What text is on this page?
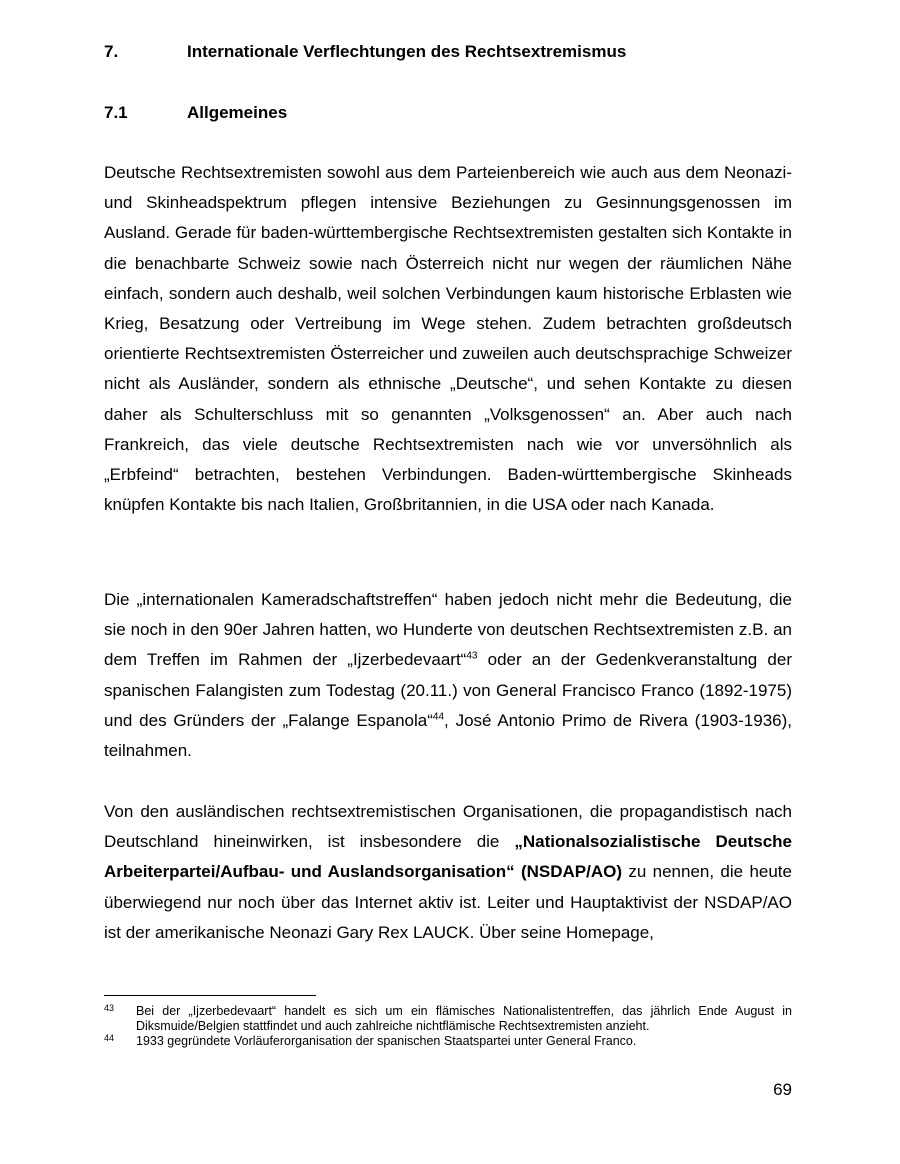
7.	Internationale Verflechtungen des Rechtsextremismus
7.1	Allgemeines

Deutsche Rechtsextremisten sowohl aus dem Parteienbereich wie auch aus dem Neonazi- und Skinheadspektrum pflegen intensive Beziehungen zu Gesinnungsgenossen im Ausland. Gerade für baden-württembergische Rechtsextremisten gestalten sich Kontakte in die benachbarte Schweiz sowie nach Österreich nicht nur wegen der räumlichen Nähe einfach, sondern auch deshalb, weil solchen Verbindungen kaum historische Erblasten wie Krieg, Besatzung oder Vertreibung im Wege stehen. Zudem betrachten großdeutsch orientierte Rechtsextremisten Österreicher und zuweilen auch deutschsprachige Schweizer nicht als Ausländer, sondern als ethnische „Deutsche“, und sehen Kontakte zu diesen daher als Schulterschluss mit so genannten „Volksgenossen“ an. Aber auch nach Frankreich, das viele deutsche Rechtsextremisten nach wie vor unversöhnlich als „Erbfeind“ betrachten, bestehen Verbindungen. Baden-württembergische Skinheads knüpfen Kontakte bis nach Italien, Großbritannien, in die USA oder nach Kanada.

Die „internationalen Kameradschaftstreffen“ haben jedoch nicht mehr die Bedeutung, die sie noch in den 90er Jahren hatten, wo Hunderte von deutschen Rechtsextremisten z.B. an dem Treffen im Rahmen der „Ijzerbedevaart“$^{43}$ oder an der Gedenkveranstaltung der spanischen Falangisten zum Todestag (20.11.) von General Francisco Franco (1892-1975) und des Gründers der „Falange Espanola“$^{44}$, José Antonio Primo de Rivera (1903-1936), teilnahmen.

Von den ausländischen rechtsextremistischen Organisationen, die propagandistisch nach Deutschland hineinwirken, ist insbesondere die „Nationalsozialistische Deutsche Arbeiterpartei/Aufbau- und Auslandsorganisation“ (NSDAP/AO) zu nennen, die heute überwiegend nur noch über das Internet aktiv ist. Leiter und Hauptaktivist der NSDAP/AO ist der amerikanische Neonazi Gary Rex LAUCK. Über seine Homepage,

43 Bei der „Ijzerbedevaart“ handelt es sich um ein flämisches Nationalistentreffen, das jährlich Ende August in Diksmuide/Belgien stattfindet und auch zahlreiche nichtflämische Rechtsextremisten anzieht.
44 1933 gegründete Vorläuferorganisation der spanischen Staatspartei unter General Franco.
69
